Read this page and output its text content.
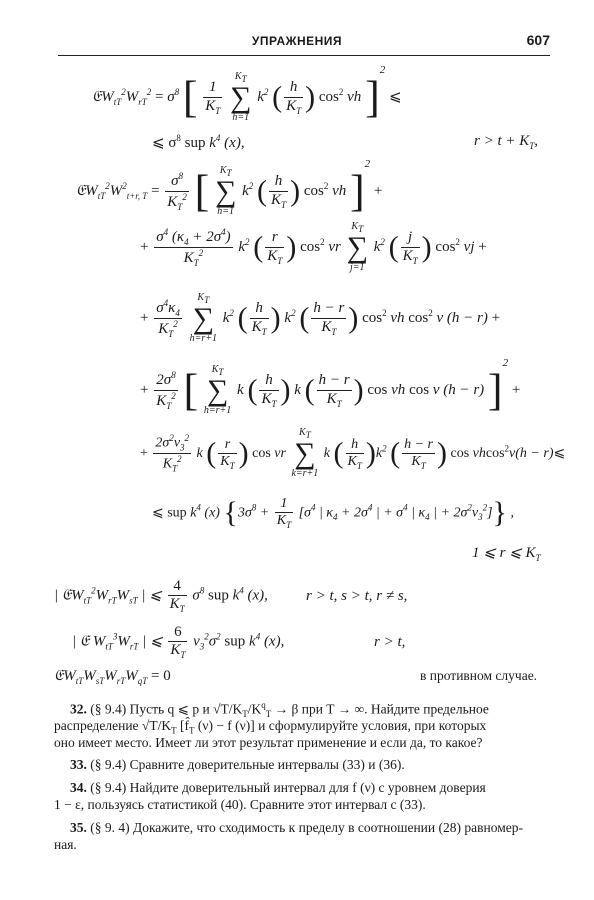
УПРАЖНЕНИЯ	607
$𝔈W_{tT}^2W_{rT}^2 = \sigma^8$ [ $\frac{1}{K_T}$
$K_T$
∑
h=1 $k^2$ ( $\frac{h}{K_T}$ ) $\cos^2 \nu h$ ]$^2$ ⩽
⩽ $\sigma^8$ sup $k^4$ (x),	$r > t + K_T$,
$𝔈W_{tT}^2W^2_{t+r, T} = \frac{\sigma^8}{K_T^2}$ [ $K_T$
∑
h=1 $k^2$ ( $\frac{h}{K_T}$ ) $\cos^2 \nu h$ ]$^2$ +
+ $\frac{\sigma^4 (\kappa_4 + 2\sigma^4)}{K_T^2} k^2$ ( $\frac{r}{K_T}$ ) $\cos^2 \nu r$ $K_T$
∑
j=1 $k^2$ ( $\frac{j}{K_T}$ ) $\cos^2 \nu j$ +
+ $\frac{\sigma^4\kappa_4}{K_T^2}$
$K_T$
∑
h=r+1 $k^2$ ( $\frac{h}{K_T}$ ) $k^2$ ( $\frac{h - r}{K_T}$ ) $\cos^2 \nu h$ $\cos^2 \nu$ (h − r) +
+ $\frac{2\sigma^8}{K_T^2}$ [ $K_T$
∑
h=r+1 k ( $\frac{h}{K_T}$ ) k ( $\frac{h - r}{K_T}$ ) cos νh cos ν (h − r) ]$^2$ +
+ $\frac{2\sigma^2\nu_3^2}{K_T^2}$ k ( $\frac{r}{K_T}$ ) cos νr $K_T$
∑
k=r+1 k ( $\frac{h}{K_T} )k^2$ ( $\frac{h - r}{K_T}$ ) cos νhcos$^2$ν(h − r)⩽
⩽ sup $k^4$ (x) {$3\sigma^8 + \frac{1}{K_T} [\sigma^4$ | $\kappa_4 + 2\sigma^4$ | + $\sigma^4$ | $\kappa_4$ | + $2\sigma^2\nu_3^2$]} ,
1 ⩽ r ⩽ $K_T$
| $𝔈W_{tT}^2W_{rT}W_{sT}$ | ⩽ $\frac{4}{K_T} \sigma^8$ sup $k^4$ (x),	r > t, s > t, r ≠ s,
| 𝔈 $W_{tT}^3W_{rT}$ | ⩽ $\frac{6}{K_T} \nu_3^2\sigma^2$ sup $k^4$ (x),	r > t,
$𝔈W_{tT}W_{sT}W_{rT}W_{qT} = 0$	в противном случае.
32. (§ 9.4) Пусть q ⩽ p и $√T/K_T/K^q_T \to \beta$ при T → ∞. Найдите предельное
распределение $√T/K_T$ [$f̂_T$ (ν) − f (ν)] и сформулируйте условия, при которых
оно имеет место. Имеет ли этот результат применение и если да, то какое?
33. (§ 9.4) Сравните доверительные интервалы (33) и (36).
34. (§ 9.4) Найдите доверительный интервал для f (ν) с уровнем доверия
1 − ε, пользуясь статистикой (40). Сравните этот интервал с (33).
35. (§ 9. 4) Докажите, что сходимость к пределу в соотношении (28) равномер-
ная.
